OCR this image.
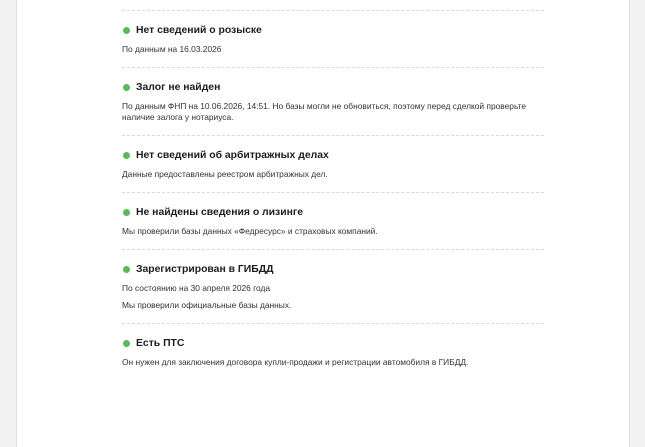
Нет сведений о розыске
По данным на 16.03.2026
Залог не найден
По данным ФНП на 10.06.2026, 14:51. Но базы могли не обновиться, поэтому перед сделкой проверьте наличие залога у нотариуса.
Нет сведений об арбитражных делах
Данные предоставлены реестром арбитражных дел.
Не найдены сведения о лизинге
Мы проверили базы данных «Федресурс» и страховых компаний.
Зарегистрирован в ГИБДД
По состоянию на 30 апреля 2026 года
Мы проверили официальные базы данных.
Есть ПТС
Он нужен для заключения договора купли-продажи и регистрации автомобиля в ГИБДД.
